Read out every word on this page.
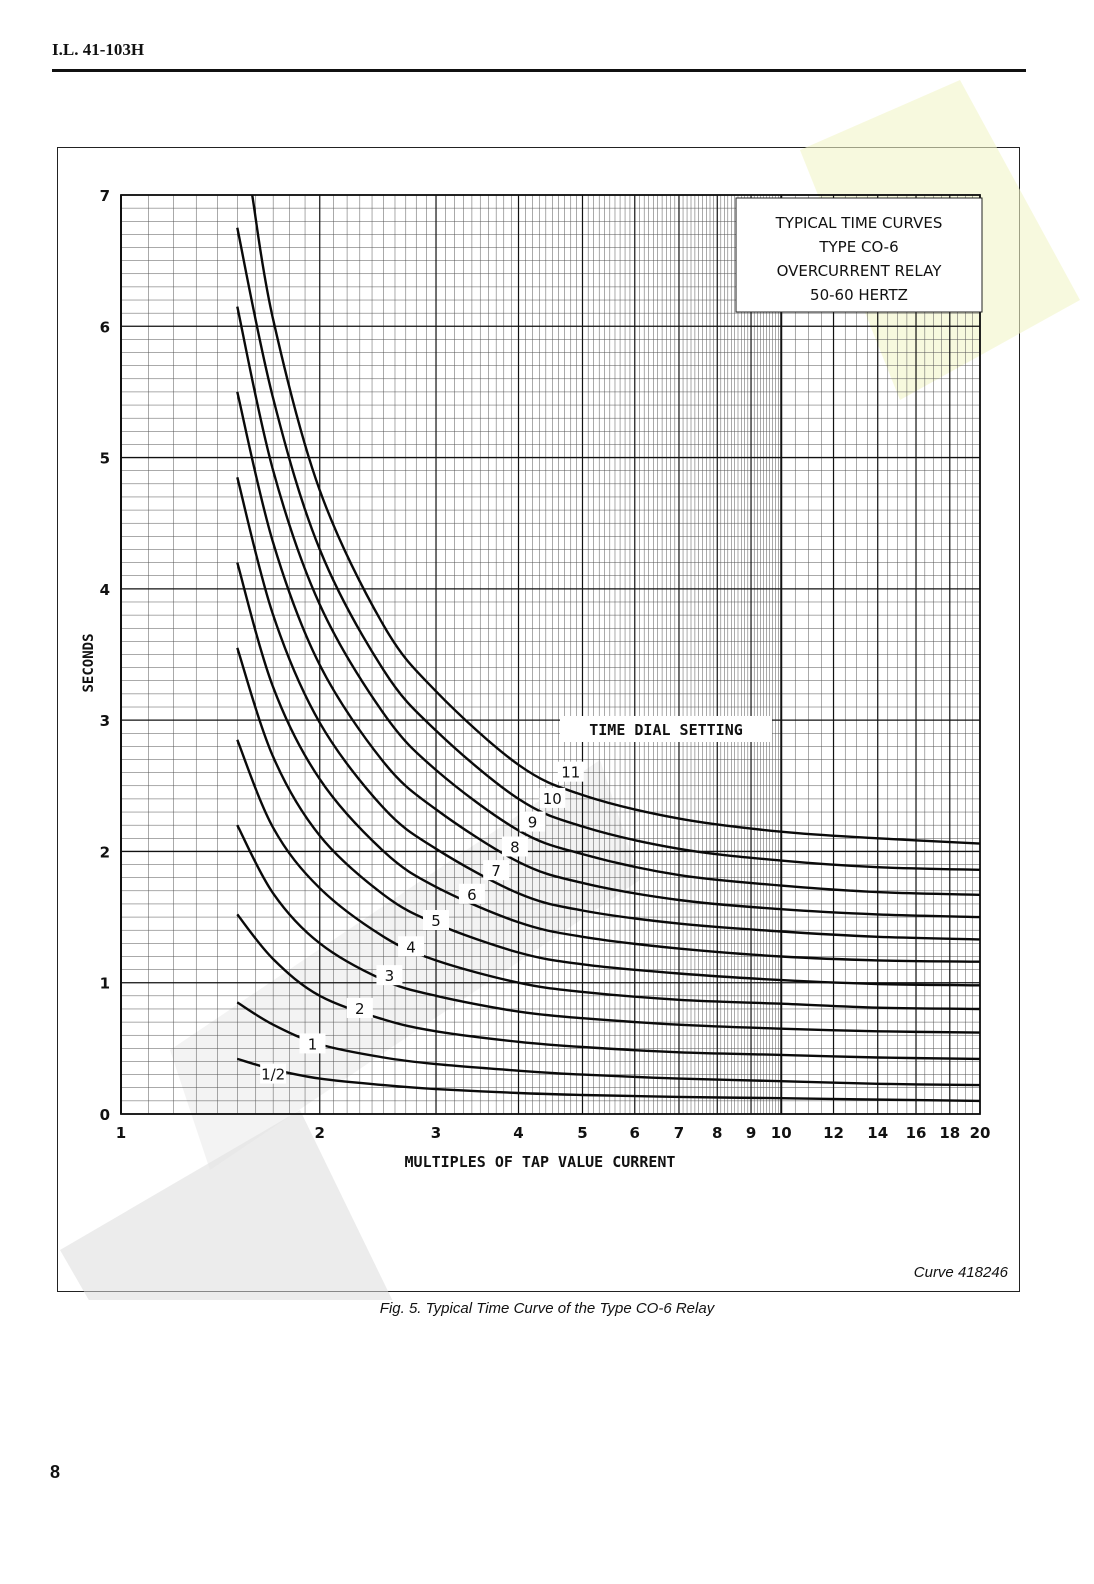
I.L. 41-103H
1	2	3	4	5	6 7 8 9 10 12 14 16 18 20
0
1
2
3
4
5
6
7
1/2
1
2
3
4
5
6
7
8
9
10
11
TYPICAL TIME CURVES
TYPE CO-6
OVERCURRENT RELAY
50-60 HERTZ
TIME DIAL SETTING
MULTIPLES OF TAP VALUE CURRENT
SECONDS
Curve 418246
Fig. 5. Typical Time Curve of the Type CO-6 Relay
8
